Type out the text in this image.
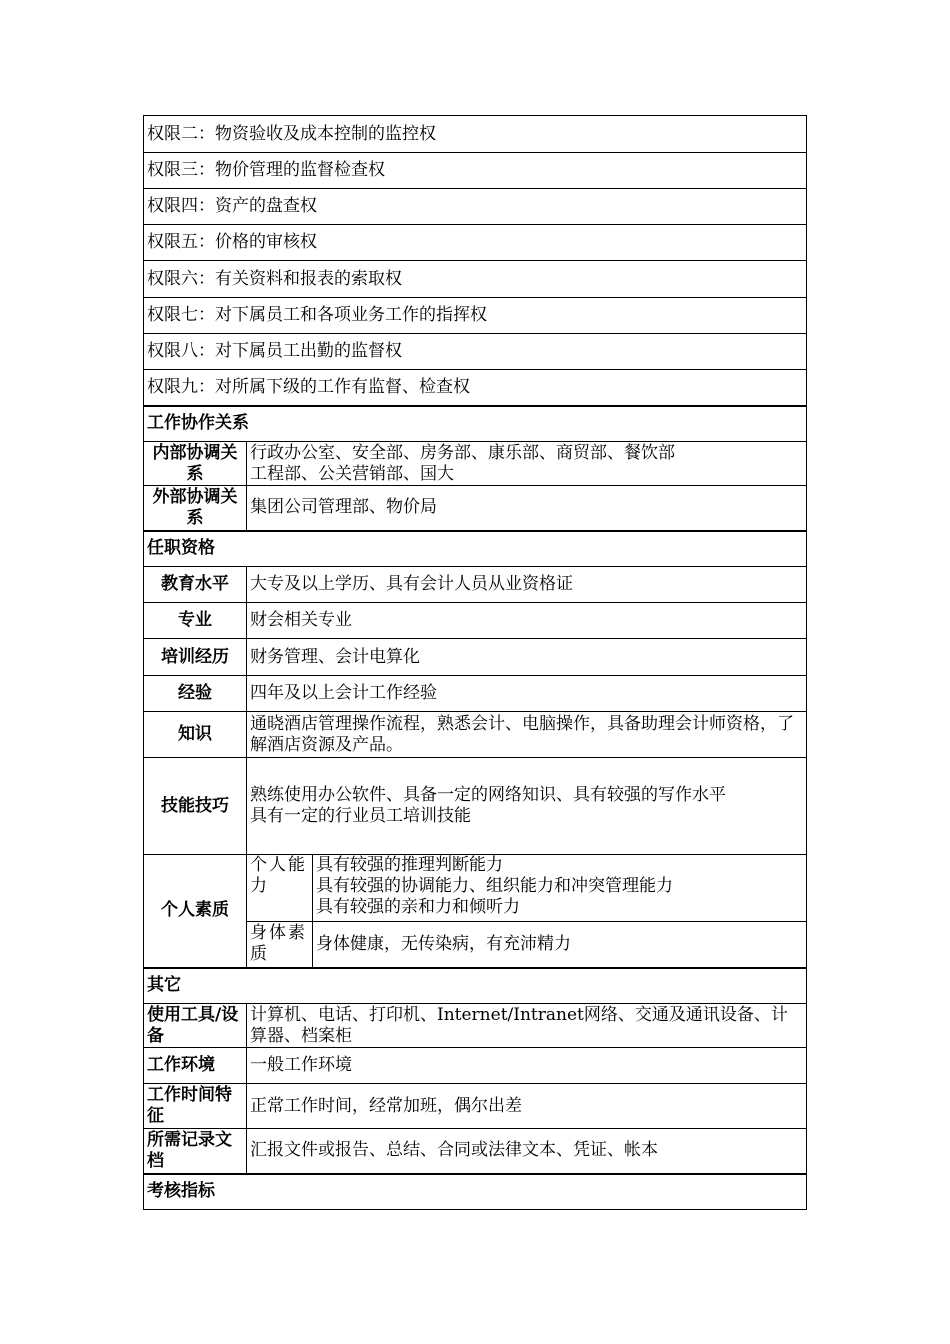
权限二：物资验收及成本控制的监控权		
权限三：物价管理的监督检查权		
权限四：资产的盘查权		
权限五：价格的审核权		
权限六：有关资料和报表的索取权		
权限七：对下属员工和各项业务工作的指挥权		
权限八：对下属员工出勤的监督权		
权限九：对所属下级的工作有监督、检查权		
工作协作关系		
内部协调关系	行政办公室、安全部、房务部、康乐部、商贸部、餐饮部
工程部、公关营销部、国大	

外部协调关系	集团公司管理部、物价局	
任职资格		
教育水平	大专及以上学历、具有会计人员从业资格证	
专业	财会相关专业	
培训经历	财务管理、会计电算化	
经验	四年及以上会计工作经验	
知识	通晓酒店管理操作流程，熟悉会计、电脑操作，具备助理会计师资格，了解酒店资源及产品。	
技能技巧	熟练使用办公软件、具备一定的网络知识、具有较强的写作水平
具有一定的行业员工培训技能	

个人素质	个人能力	具有较强的推理判断能力
具有较强的协调能力、组织能力和冲突管理能力
具有较强的亲和力和倾听力

	身体素质	身体健康，无传染病，有充沛精力
其它		
使用工具/设备	计算机、电话、打印机、Internet/Intranet网络、交通及通讯设备、计算器、档案柜	
工作环境	一般工作环境	
工作时间特征	正常工作时间，经常加班，偶尔出差	
所需记录文档	汇报文件或报告、总结、合同或法律文本、凭证、帐本	
考核指标		
